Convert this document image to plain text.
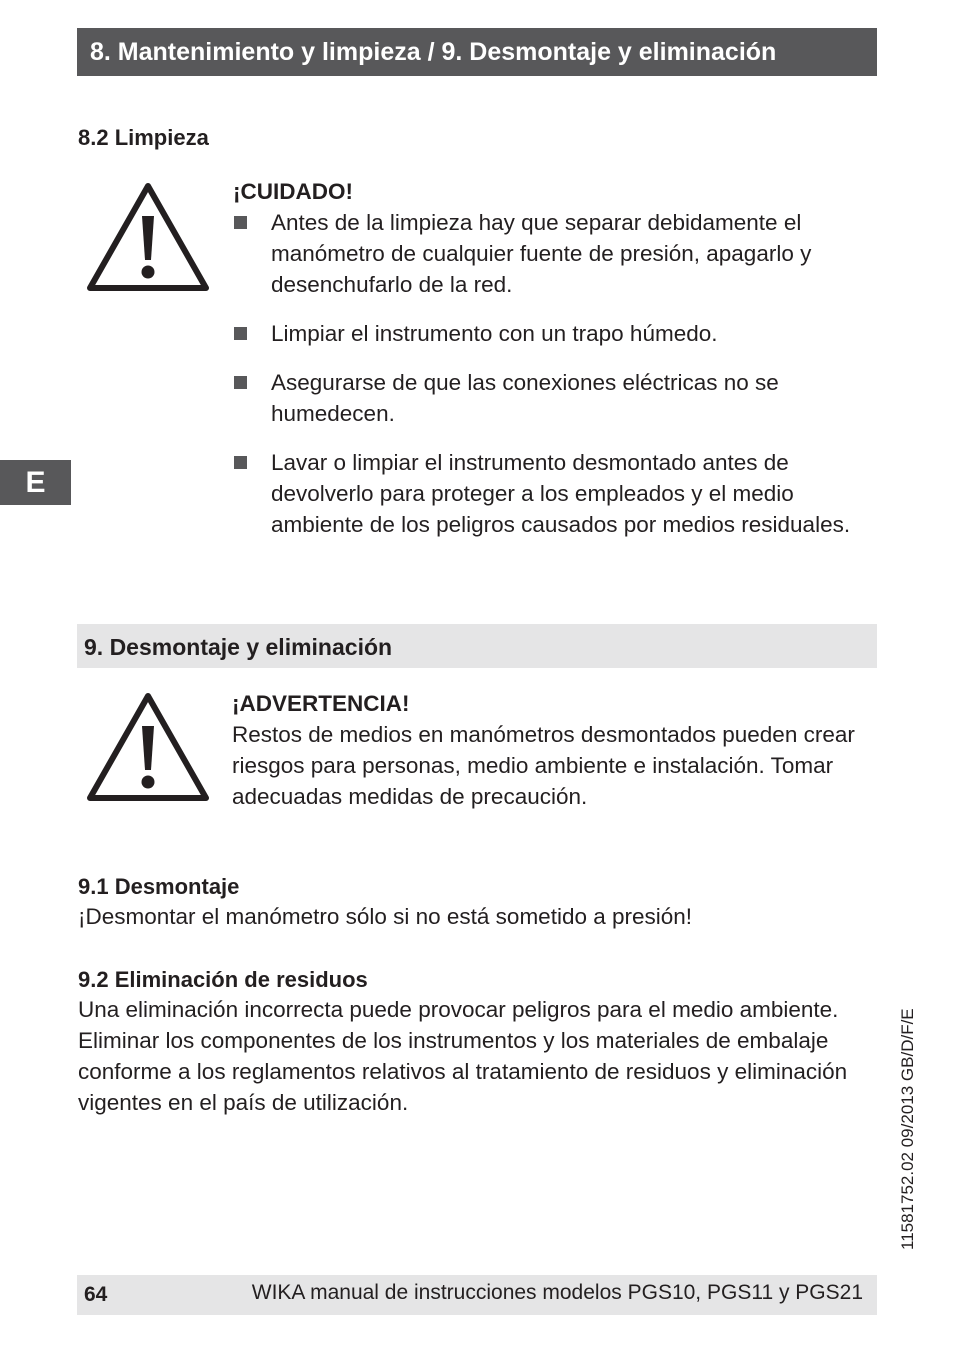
8. Mantenimiento y limpieza / 9. Desmontaje y eliminación
E
8.2 Limpieza
¡CUIDADO!
Antes de la limpieza hay que separar debidamente el manómetro de cualquier fuente de presión, apagarlo y desenchufarlo de la red.
Limpiar el instrumento con un trapo húmedo.
Asegurarse de que las conexiones eléctricas no se humedecen.
Lavar o limpiar el instrumento desmontado antes de devolverlo para proteger a los empleados y el medio ambiente de los peligros causados por medios residuales.
9. Desmontaje y eliminación
¡ADVERTENCIA!
Restos de medios en manómetros desmontados pueden crear riesgos para personas, medio ambiente e instalación. Tomar adecuadas medidas de precaución.
9.1 Desmontaje
¡Desmontar el manómetro sólo si no está sometido a presión!
9.2 Eliminación de residuos
Una eliminación incorrecta puede provocar peligros para el medio ambiente.
Eliminar los componentes de los instrumentos y los materiales de embalaje conforme a los reglamentos relativos al tratamiento de residuos y eliminación vigentes en el país de utilización.	11581752.02 09/2013 GB/D/F/E
64	WIKA manual de instrucciones modelos PGS10, PGS11 y PGS21
